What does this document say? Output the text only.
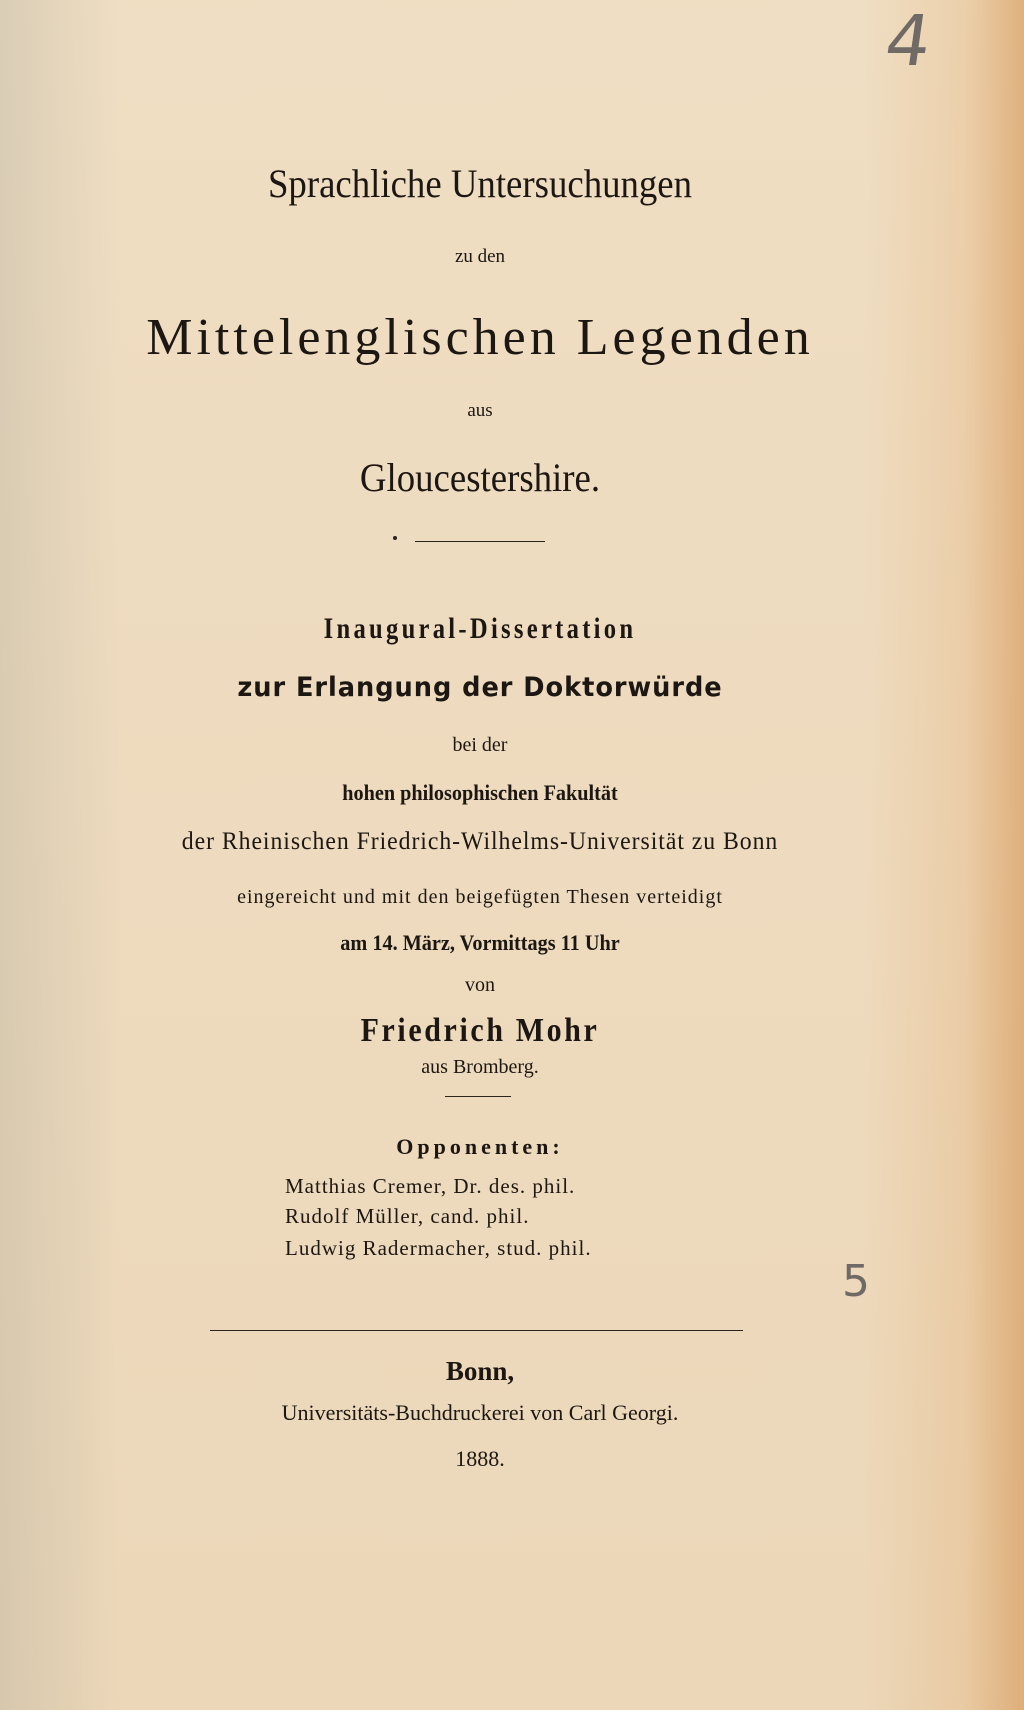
4
Sprachliche Untersuchungen
zu den
Mittelenglischen Legenden
aus
Gloucestershire.
Inaugural-Dissertation
zur Erlangung der Doktorwürde
bei der
hohen philosophischen Fakultät
der Rheinischen Friedrich-Wilhelms-Universität zu Bonn
eingereicht und mit den beigefügten Thesen verteidigt
am 14. März, Vormittags 11 Uhr
von
Friedrich Mohr
aus Bromberg.
Opponenten:
Matthias Cremer, Dr. des. phil.
Rudolf Müller, cand. phil.
Ludwig Radermacher, stud. phil.
5
Bonn,
Universitäts-Buchdruckerei von Carl Georgi.
1888.
